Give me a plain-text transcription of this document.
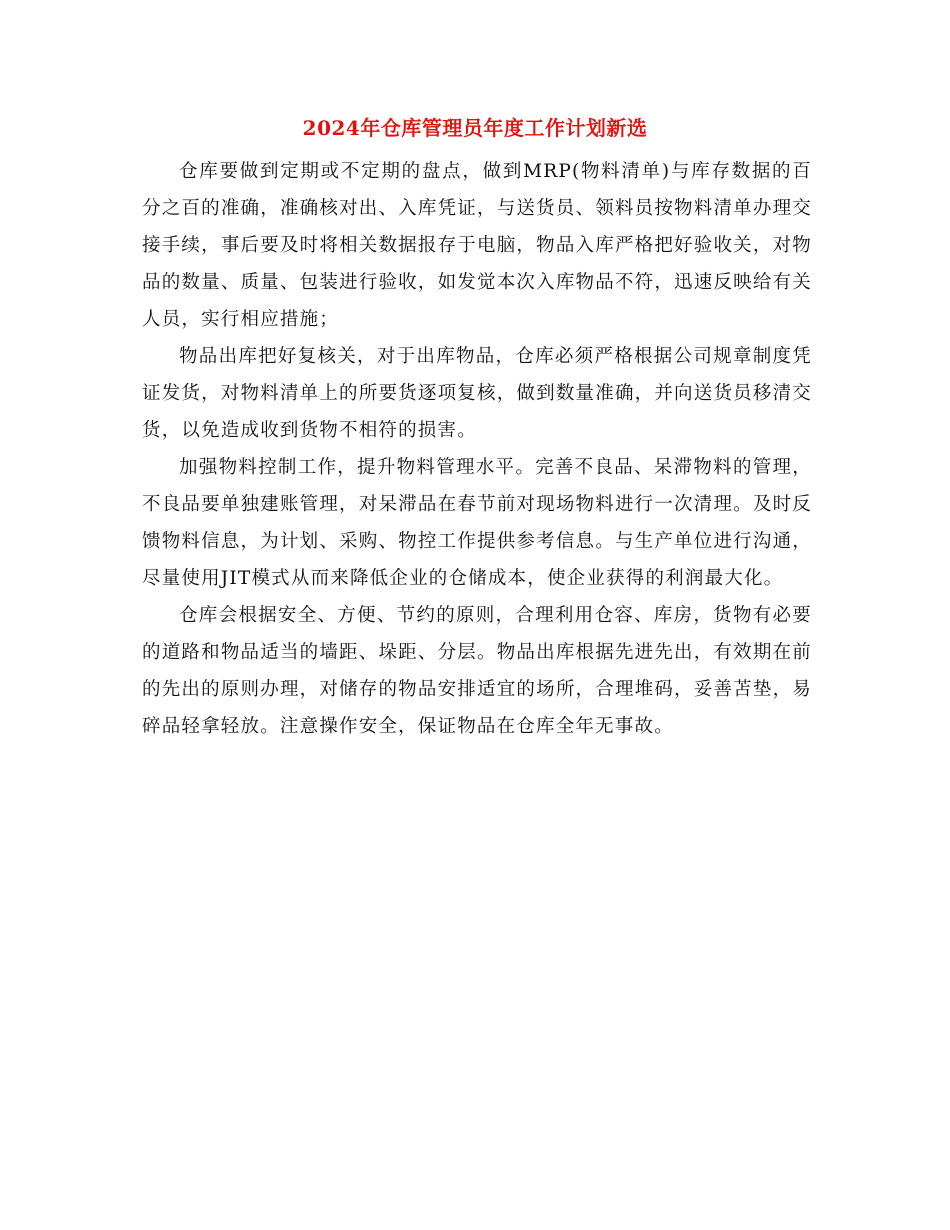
2024年仓库管理员年度工作计划新选

仓库要做到定期或不定期的盘点，做到MRP(物料清单)与库存数据的百分之百的准确，准确核对出、入库凭证，与送货员、领料员按物料清单办理交接手续，事后要及时将相关数据报存于电脑，物品入库严格把好验收关，对物品的数量、质量、包装进行验收，如发觉本次入库物品不符，迅速反映给有关人员，实行相应措施；

物品出库把好复核关，对于出库物品，仓库必须严格根据公司规章制度凭证发货，对物料清单上的所要货逐项复核，做到数量准确，并向送货员移清交货，以免造成收到货物不相符的损害。

加强物料控制工作，提升物料管理水平。完善不良品、呆滞物料的管理，不良品要单独建账管理，对呆滞品在春节前对现场物料进行一次清理。及时反馈物料信息，为计划、采购、物控工作提供参考信息。与生产单位进行沟通，尽量使用JIT模式从而来降低企业的仓储成本，使企业获得的利润最大化。

仓库会根据安全、方便、节约的原则，合理利用仓容、库房，货物有必要的道路和物品适当的墙距、垛距、分层。物品出库根据先进先出，有效期在前的先出的原则办理，对储存的物品安排适宜的场所，合理堆码，妥善苫垫，易碎品轻拿轻放。注意操作安全，保证物品在仓库全年无事故。
